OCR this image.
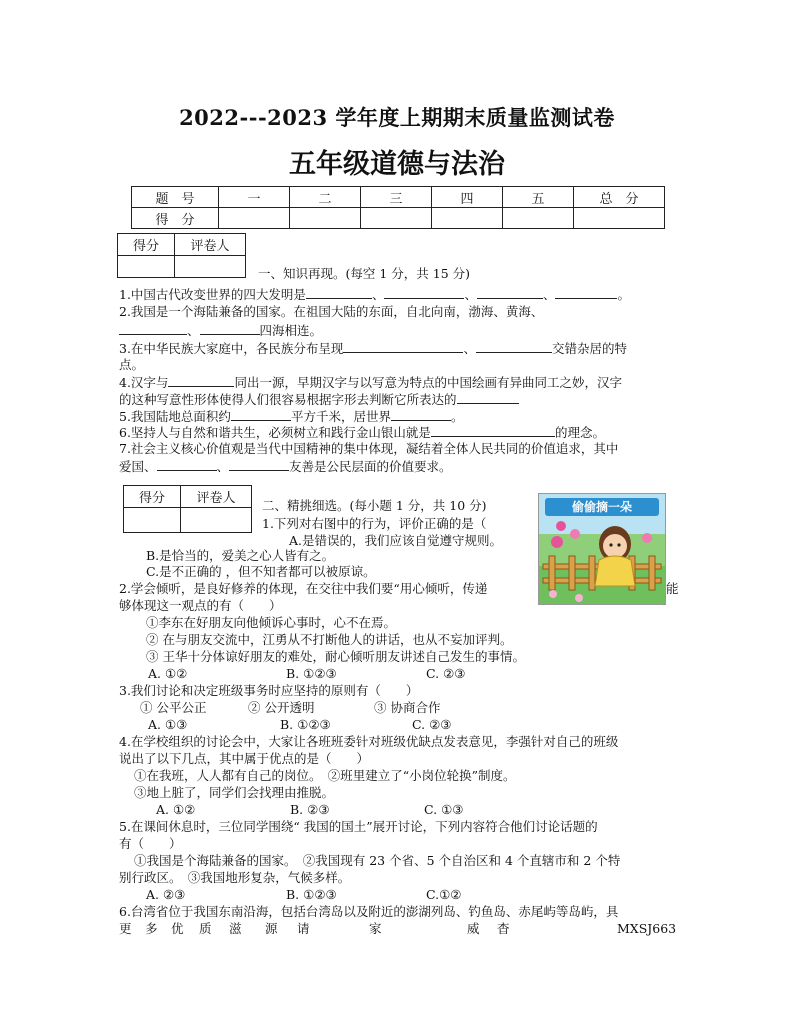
2022---2023 学年度上期期末质量监测试卷
五年级道德与法治
题　号	一	二	三	四	五	总　分
得　分						
得分	评卷人

一、知识再现。(每空 1 分，共 15 分)
1.中国古代改变世界的四大发明是	、	、	、	。
2.我国是一个海陆兼备的国家。在祖国大陆的东面，自北向南，渤海、黄海、
、	四海相连。
3.在中华民族大家庭中，各民族分布呈现	、	交错杂居的特
点。
4.汉字与	同出一源，早期汉字与以写意为特点的中国绘画有异曲同工之妙，汉字
的这种写意性形体使得人们很容易根据字形去判断它所表达的
5.我国陆地总面积约	平方千米，居世界	。
6.坚持人与自然和谐共生，必须树立和践行金山银山就是	的理念。
7.社会主义核心价值观是当代中国精神的集中体现，凝结着全体人民共同的价值追求，其中
爱国、	、	友善是公民层面的价值要求。
得分	评卷人
	二、精挑细选。(每小题 1 分，共 10 分)
1.下列对右图中的行为，评价正确的是（
A.是错误的，我们应该自觉遵守规则。
B.是恰当的，爱美之心人皆有之。
C.是不正确的 ，但不知者都可以被原谅。
偷偷摘一朵
2.学会倾听，是良好修养的体现，在交往中我们要“用心倾听，传递	能
够体现这一观点的有（　　）
①李东在好朋友向他倾诉心事时，心不在焉。
② 在与朋友交流中，江勇从不打断他人的讲话，也从不妄加评判。
③ 王华十分体谅好朋友的难处，耐心倾听朋友讲述自己发生的事情。
A. ①②	B. ①②③	C. ②③
3.我们讨论和决定班级事务时应坚持的原则有（　　）
① 公平公正	② 公开透明	③ 协商合作
A. ①③	B. ①②③	C. ②③
4.在学校组织的讨论会中，大家让各班班委针对班级优缺点发表意见，李强针对自己的班级
说出了以下几点，其中属于优点的是（　　）
①在我班，人人都有自己的岗位。　②班里建立了“小岗位轮换”制度。
③地上脏了，同学们会找理由推脱。
A. ①②	B. ②③	C. ①③
5.在课间休息时，三位同学围绕“ 我国的国土”展开讨论，下列内容符合他们讨论话题的
有（　　）
①我国是个海陆兼备的国家。　②我国现有 23 个省、5 个自治区和 4 个直辖市和 2 个特
别行政区。　③我国地形复杂，气候多样。
A. ②③	B. ①②③	C.①②
6.台湾省位于我国东南沿海，包括台湾岛以及附近的澎湖列岛、钓鱼岛、赤尾屿等岛屿，具
更 多 优 质 滋 源 请	家	威 杳	MXSJ663
